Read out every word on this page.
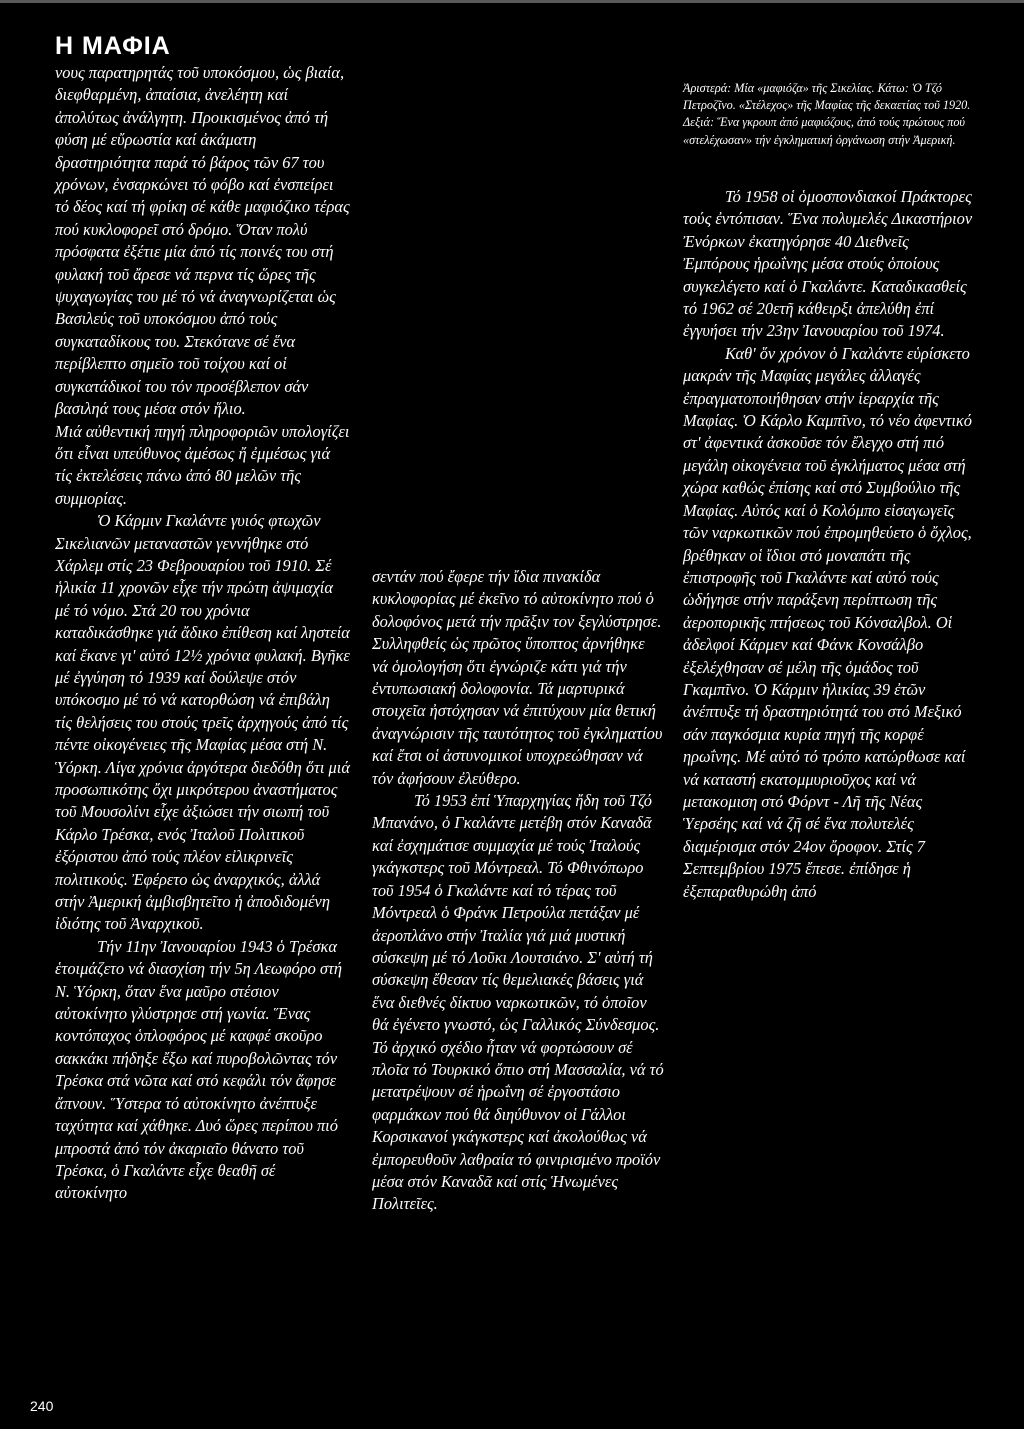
Η ΜΑΦΙΑ

νους παρατηρητάς τοῦ υποκόσμου, ὡς βιαία, διεφθαρμένη, ἀπαίσια, ἀνελέητη καί ἀπολύτως ἀνάλγητη. Προικισμένος ἀπό τή φύση μέ εὔρωστία καί ἀκάματη δραστηριότητα παρά τό βάρος τῶν 67 του χρόνων, ἐνσαρκώνει τό φόβο καί ἐνσπείρει τό δέος καί τή φρίκη σέ κάθε μαφιόζικο τέρας πού κυκλοφορεῖ στό δρόμο. Ὅταν πολύ πρόσφατα ἐξέτιε μία ἀπό τίς ποινές του στή φυλακή τοῦ ἄρεσε νά περνα τίς ὥρες τῆς ψυχαγωγίας του μέ τό νά ἀναγνωρίζεται ὡς Βασιλεύς τοῦ υποκόσμου ἀπό τούς συγκαταδίκους του. Στεκότανε σέ ἕνα περίβλεπτο σημεῖο τοῦ τοίχου καί οἱ συγκατάδικοί του τόν προσέβλεπον σάν βασιληά τους μέσα στόν ἥλιο.

Μιά αὐθεντική πηγή πληροφοριῶν υπολογίζει ὅτι εἶναι υπεύθυνος ἀμέσως ἤ ἐμμέσως γιά τίς ἐκτελέσεις πάνω ἀπό 80 μελῶν τῆς συμμορίας.

Ὁ Κάρμιν Γκαλάντε γυιός φτωχῶν Σικελιανῶν μεταναστῶν γεννήθηκε στό Χάρλεμ στίς 23 Φεβρουαρίου τοῦ 1910. Σέ ἡλικία 11 χρονῶν εἶχε τήν πρώτη ἀψιμαχία μέ τό νόμο. Στά 20 του χρόνια καταδικάσθηκε γιά ἄδικο ἐπίθεση καί ληστεία καί ἔκανε γι' αὐτό 12½ χρόνια φυλακή. Βγῆκε μέ ἐγγύηση τό 1939 καί δούλεψε στόν υπόκοσμο μέ τό νά κατορθώση νά ἐπιβάλη τίς θελήσεις του στούς τρεῖς ἀρχηγούς ἀπό τίς πέντε οἰκογένειες τῆς Μαφίας μέσα στή Ν. Ὑόρκη. Λίγα χρόνια ἀργότερα διεδόθη ὅτι μιά προσωπικότης ὄχι μικρότερου ἀναστήματος τοῦ Μουσολίνι εἶχε ἀξιώσει τήν σιωπή τοῦ Κάρλο Τρέσκα, ενός Ἰταλοῦ Πολιτικοῦ ἐξόριστου ἀπό τούς πλέον εἰλικρινεῖς πολιτικούς. Ἐφέρετο ὡς ἀναρχικός, ἀλλά στήν Ἀμερική ἀμβισβητεῖτο ἡ ἀποδιδομένη ἰδιότης τοῦ Ἀναρχικοῦ.

Τήν 11ην Ἰανουαρίου 1943 ὁ Τρέσκα ἑτοιμάζετο νά διασχίση τήν 5η Λεωφόρο στή Ν. Ὑόρκη, ὅταν ἕνα μαῦρο στέσιον αὐτοκίνητο γλύστρησε στή γωνία. Ἕνας κοντόπαχος ὁπλοφόρος μέ καφφέ σκοῦρο σακκάκι πήδηξε ἔξω καί πυροβολῶντας τόν Τρέσκα στά νῶτα καί στό κεφάλι τόν ἄφησε ἄπνουν. Ὕστερα τό αὐτοκίνητο ἀνέπτυξε ταχύτητα καί χάθηκε. Δυό ὥρες περίπου πιό μπροστά ἀπό τόν ἀκαριαῖο θάνατο τοῦ Τρέσκα, ὁ Γκαλάντε εἶχε θεαθῆ σέ αὐτοκίνητο

σεντάν πού ἔφερε τήν ἴδια πινακίδα κυκλοφορίας μέ ἐκεῖνο τό αὐτοκίνητο πού ὁ δολοφόνος μετά τήν πρᾶξιν τον ξεγλύστρησε. Συλληφθείς ὡς πρῶτος ὕποπτος ἀρνήθηκε νά ὁμολογήση ὅτι ἐγνώριζε κάτι γιά τήν ἐντυπωσιακή δολοφονία. Τά μαρτυρικά στοιχεῖα ἠστόχησαν νά ἐπιτύχουν μία θετική ἀναγνώρισιν τῆς ταυτότητος τοῦ ἐγκληματίου καί ἔτσι οἱ ἀστυνομικοί υποχρεώθησαν νά τόν ἀφήσουν ἐλεύθερο.

Τό 1953 ἐπί Ὑπαρχηγίας ἤδη τοῦ Τζό Μπανάνο, ὁ Γκαλάντε μετέβη στόν Καναδᾶ καί ἐσχημάτισε συμμαχία μέ τούς Ἰταλούς γκάγκστερς τοῦ Μόντρεαλ. Τό Φθινόπωρο τοῦ 1954 ὁ Γκαλάντε καί τό τέρας τοῦ Μόντρεαλ ὁ Φράνκ Πετρούλα πετάξαν μέ ἀεροπλάνο στήν Ἰταλία γιά μιά μυστική σύσκεψη μέ τό Λοῦκι Λουτσιάνο. Σ' αὐτή τή σύσκεψη ἔθεσαν τίς θεμελιακές βάσεις γιά ἕνα διεθνές δίκτυο ναρκωτικῶν, τό ὁποῖον θά ἐγένετο γνωστό, ὡς Γαλλικός Σύνδεσμος. Τό ἀρχικό σχέδιο ἦταν νά φορτώσουν σέ πλοῖα τό Τουρκικό ὄπιο στή Μασσαλία, νά τό μετατρέψουν σέ ἡρωΐνη σέ ἐργοστάσιο φαρμάκων πού θά διηύθυνον οἱ Γάλλοι Κορσικανοί γκάγκστερς καί ἀκολούθως νά ἐμπορευθοῦν λαθραία τό φινιρισμένο προϊόν μέσα στόν Καναδᾶ καί στίς Ἡνωμένες Πολιτεῖες.

Ἀριστερά: Μία «μαφιόζα» τῆς Σικελίας. Κάτω: Ὁ Τζό Πετροζῖνο. «Στέλεχος» τῆς Μαφίας τῆς δεκαετίας τοῦ 1920. Δεξιά: Ἕνα γκρουπ ἀπό μαφιόζους, ἀπό τούς πρώτους πού «στελέχωσαν» τήν ἐγκληματική ὀργάνωση στήν Ἀμερική.

Τό 1958 οἱ ὁμοσπονδιακοί Πράκτορες τούς ἐντόπισαν. Ἕνα πολυμελές Δικαστήριον Ἐνόρκων ἐκατηγόρησε 40 Διεθνεῖς Ἐμπόρους ἡρωΐνης μέσα στούς ὁποίους συγκελέγετο καί ὁ Γκαλάντε. Καταδικασθείς τό 1962 σέ 20ετῆ κάθειρξι ἀπελύθη ἐπί ἐγγυήσει τήν 23ην Ἰανουαρίου τοῦ 1974.

Καθ' ὅν χρόνον ὁ Γκαλάντε εὑρίσκετο μακράν τῆς Μαφίας μεγάλες ἀλλαγές ἐπραγματοποιήθησαν στήν ἱεραρχία τῆς Μαφίας. Ὁ Κάρλο Καμπῖνο, τό νέο ἀφεντικό στ' ἀφεντικά ἀσκοῦσε τόν ἔλεγχο στή πιό μεγάλη οἰκογένεια τοῦ ἐγκλήματος μέσα στή χώρα καθώς ἐπίσης καί στό Συμβούλιο τῆς Μαφίας. Αὐτός καί ὁ Κολόμπο εἰσαγωγεῖς τῶν ναρκωτικῶν πού ἐπρομηθεύετο ὁ ὄχλος, βρέθηκαν οἱ ἴδιοι στό μοναπάτι τῆς ἐπιστροφῆς τοῦ Γκαλάντε καί αὐτό τούς ὡδήγησε στήν παράξενη περίπτωση τῆς ἀεροπορικῆς πτήσεως τοῦ Κόνσαλβολ. Οἱ ἀδελφοί Κάρμεν καί Φάνκ Κονσάλβο ἐξελέχθησαν σέ μέλη τῆς ὁμάδος τοῦ Γκαμπῖνο. Ὁ Κάρμιν ἡλικίας 39 ἐτῶν ἀνέπτυξε τή δραστηριότητά του στό Μεξικό σάν παγκόσμια κυρία πηγή τῆς κορφέ ηρωΐνης. Μέ αὐτό τό τρόπο κατώρθωσε καί νά καταστή εκατομμυριοῦχος καί νά μετακομιση στό Φόρντ - Λῆ τῆς Νέας Ὑερσέης καί νά ζῆ σέ ἕνα πολυτελές διαμέρισμα στόν 24ον ὄροφον. Στίς 7 Σεπτεμβρίου 1975 ἔπεσε. ἐπίδησε ἡ ἐξεπαραθυρώθη ἀπό

240
